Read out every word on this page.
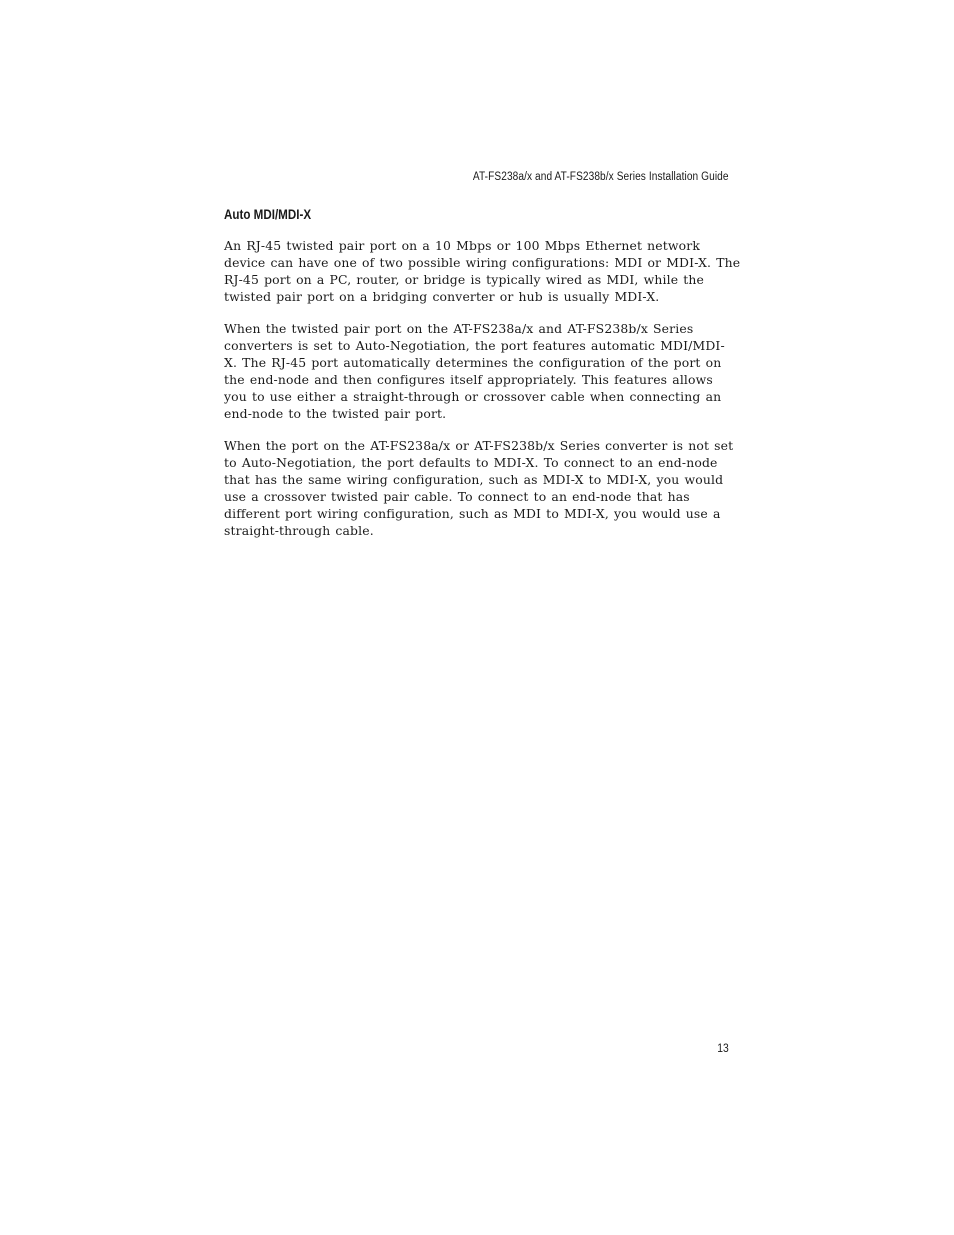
AT-FS238a/x and AT-FS238b/x Series Installation Guide
Auto MDI/MDI-X

An RJ-45 twisted pair port on a 10 Mbps or 100 Mbps Ethernet network
device can have one of two possible wiring configurations: MDI or MDI-X. The
RJ-45 port on a PC, router, or bridge is typically wired as MDI, while the
twisted pair port on a bridging converter or hub is usually MDI-X.

When the twisted pair port on the AT-FS238a/x and AT-FS238b/x Series
converters is set to Auto-Negotiation, the port features automatic MDI/MDI-
X. The RJ-45 port automatically determines the configuration of the port on
the end-node and then configures itself appropriately. This features allows
you to use either a straight-through or crossover cable when connecting an
end-node to the twisted pair port.

When the port on the AT-FS238a/x or AT-FS238b/x Series converter is not set
to Auto-Negotiation, the port defaults to MDI-X. To connect to an end-node
that has the same wiring configuration, such as MDI-X to MDI-X, you would
use a crossover twisted pair cable. To connect to an end-node that has
different port wiring configuration, such as MDI to MDI-X, you would use a
straight-through cable.

13
